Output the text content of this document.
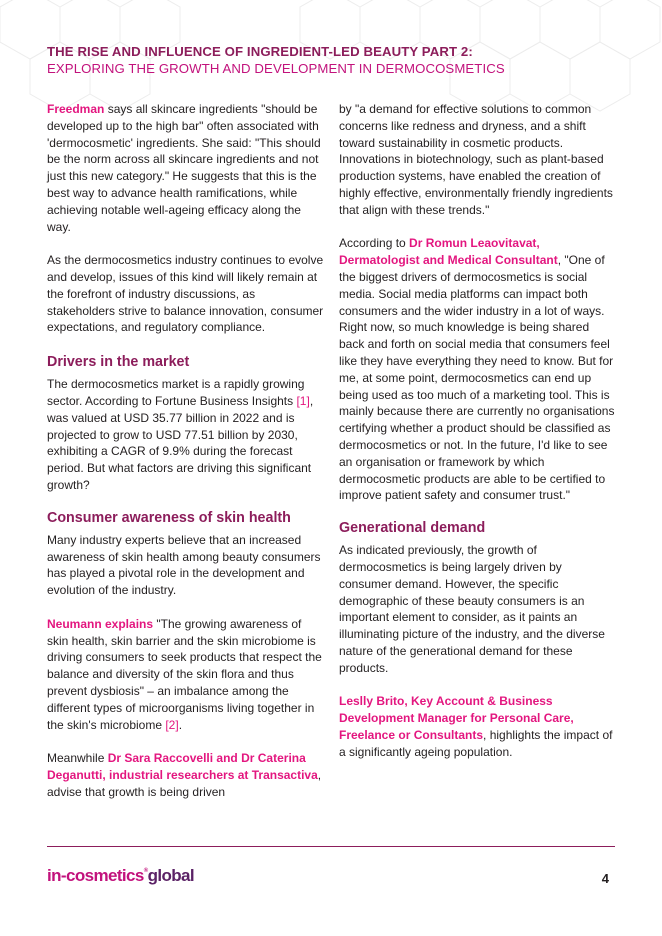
THE RISE AND INFLUENCE OF INGREDIENT-LED BEAUTY PART 2:
EXPLORING THE GROWTH AND DEVELOPMENT IN DERMOCOSMETICS

Freedman says all skincare ingredients "should be developed up to the high bar" often associated with 'dermocosmetic' ingredients. She said: "This should be the norm across all skincare ingredients and not just this new category." He suggests that this is the best way to advance health ramifications, while achieving notable well-ageing efficacy along the way.

As the dermocosmetics industry continues to evolve and develop, issues of this kind will likely remain at the forefront of industry discussions, as stakeholders strive to balance innovation, consumer expectations, and regulatory compliance.

Drivers in the market

The dermocosmetics market is a rapidly growing sector. According to Fortune Business Insights [1], was valued at USD 35.77 billion in 2022 and is projected to grow to USD 77.51 billion by 2030, exhibiting a CAGR of 9.9% during the forecast period. But what factors are driving this significant growth?

Consumer awareness of skin health

Many industry experts believe that an increased awareness of skin health among beauty consumers has played a pivotal role in the development and evolution of the industry.

Neumann explains "The growing awareness of skin health, skin barrier and the skin microbiome is driving consumers to seek products that respect the balance and diversity of the skin flora and thus prevent dysbiosis" – an imbalance among the different types of microorganisms living together in the skin's microbiome [2].

Meanwhile Dr Sara Raccovelli and Dr Caterina Deganutti, industrial researchers at Transactiva, advise that growth is being driven

by "a demand for effective solutions to common concerns like redness and dryness, and a shift toward sustainability in cosmetic products. Innovations in biotechnology, such as plant-based production systems, have enabled the creation of highly effective, environmentally friendly ingredients that align with these trends."

According to Dr Romun Leaovitavat, Dermatologist and Medical Consultant, "One of the biggest drivers of dermocosmetics is social media. Social media platforms can impact both consumers and the wider industry in a lot of ways. Right now, so much knowledge is being shared back and forth on social media that consumers feel like they have everything they need to know. But for me, at some point, dermocosmetics can end up being used as too much of a marketing tool. This is mainly because there are currently no organisations certifying whether a product should be classified as dermocosmetics or not. In the future, I'd like to see an organisation or framework by which dermocosmetic products are able to be certified to improve patient safety and consumer trust."

Generational demand

As indicated previously, the growth of dermocosmetics is being largely driven by consumer demand. However, the specific demographic of these beauty consumers is an important element to consider, as it paints an illuminating picture of the industry, and the diverse nature of the generational demand for these products.

Leslly Brito, Key Account & Business Development Manager for Personal Care, Freelance or Consultants, highlights the impact of a significantly ageing population.

in-cosmetics®global	4
